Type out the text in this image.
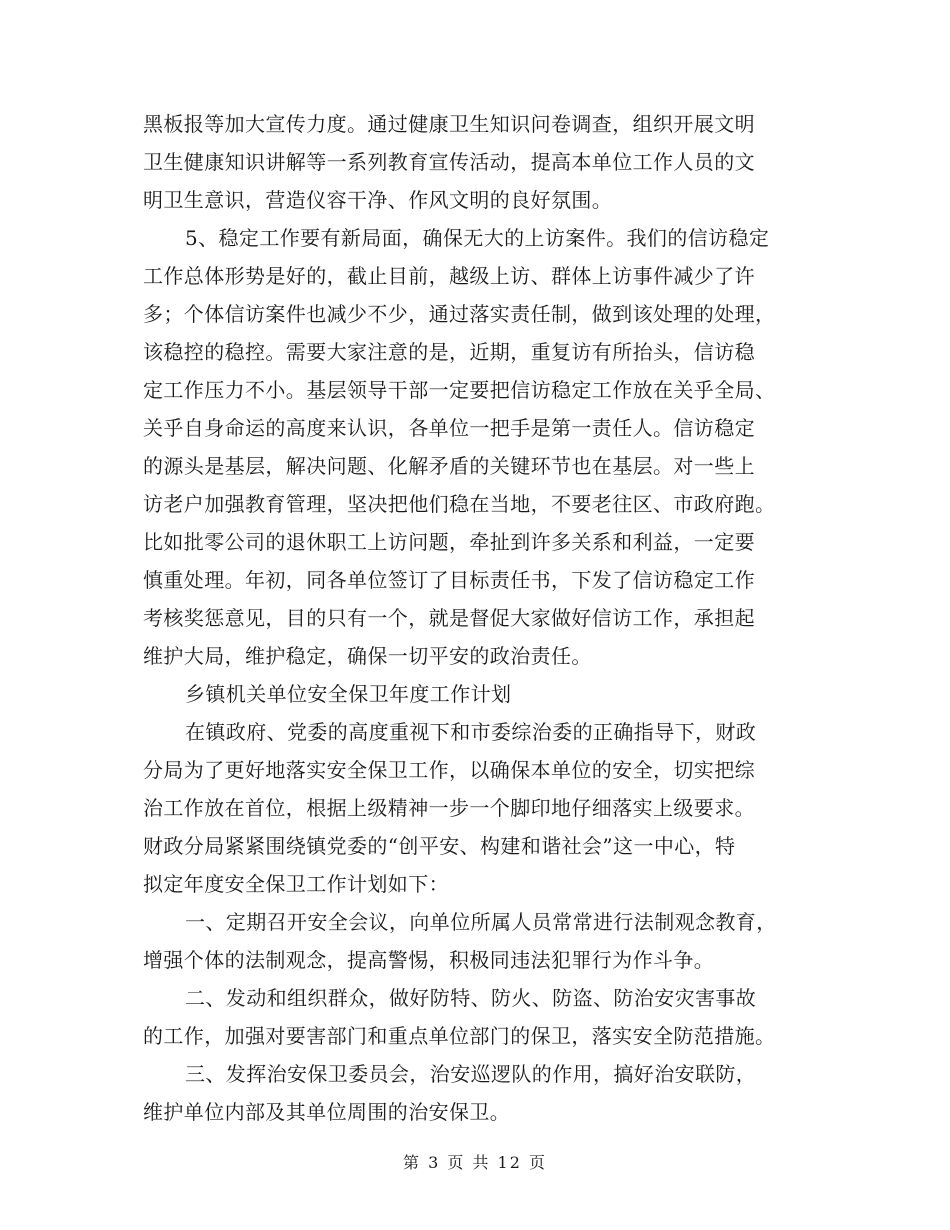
黑板报等加大宣传力度。通过健康卫生知识问卷调查，组织开展文明
卫生健康知识讲解等一系列教育宣传活动，提高本单位工作人员的文
明卫生意识，营造仪容干净、作风文明的良好氛围。
5、稳定工作要有新局面，确保无大的上访案件。我们的信访稳定
工作总体形势是好的，截止目前，越级上访、群体上访事件减少了许
多；个体信访案件也减少不少，通过落实责任制，做到该处理的处理，
该稳控的稳控。需要大家注意的是，近期，重复访有所抬头，信访稳
定工作压力不小。基层领导干部一定要把信访稳定工作放在关乎全局、
关乎自身命运的高度来认识，各单位一把手是第一责任人。信访稳定
的源头是基层，解决问题、化解矛盾的关键环节也在基层。对一些上
访老户加强教育管理，坚决把他们稳在当地，不要老往区、市政府跑。
比如批零公司的退休职工上访问题，牵扯到许多关系和利益，一定要
慎重处理。年初，同各单位签订了目标责任书，下发了信访稳定工作
考核奖惩意见，目的只有一个，就是督促大家做好信访工作，承担起
维护大局，维护稳定，确保一切平安的政治责任。
乡镇机关单位安全保卫年度工作计划
在镇政府、党委的高度重视下和市委综治委的正确指导下，财政
分局为了更好地落实安全保卫工作，以确保本单位的安全，切实把综
治工作放在首位，根据上级精神一步一个脚印地仔细落实上级要求。
财政分局紧紧围绕镇党委的“创平安、构建和谐社会”这一中心，特
拟定年度安全保卫工作计划如下：
一、定期召开安全会议，向单位所属人员常常进行法制观念教育，
增强个体的法制观念，提高警惕，积极同违法犯罪行为作斗争。
二、发动和组织群众，做好防特、防火、防盗、防治安灾害事故
的工作，加强对要害部门和重点单位部门的保卫，落实安全防范措施。
三、发挥治安保卫委员会，治安巡逻队的作用，搞好治安联防，
维护单位内部及其单位周围的治安保卫。
第 3 页 共 12 页
